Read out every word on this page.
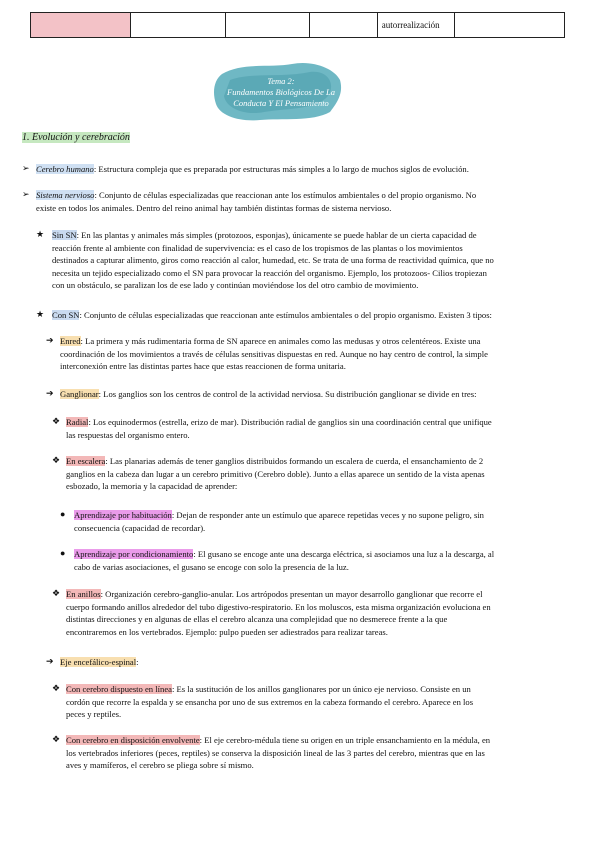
autorrealización
Tema 2:
Fundamentos Biológicos De La
Conducta Y El Pensamiento
1. Evolución y cerebración
➢ Cerebro humano: Estructura compleja que es preparada por estructuras más simples a lo largo de muchos siglos de evolución.
➢ Sistema nervioso: Conjunto de células especializadas que reaccionan ante los estímulos ambientales o del propio organismo. No
existe en todos los animales. Dentro del reino animal hay también distintas formas de sistema nervioso.
★ Sin SN: En las plantas y animales más simples (protozoos, esponjas), únicamente se puede hablar de un cierta capacidad de
reacción frente al ambiente con finalidad de supervivencia: es el caso de los tropismos de las plantas o los movimientos
destinados a capturar alimento, giros como reacción al calor, humedad, etc. Se trata de una forma de reactividad química, que no
necesita un tejido especializado como el SN para provocar la reacción del organismo. Ejemplo, los protozoos- Cilios tropiezan
con un obstáculo, se paralizan los de ese lado y continúan moviéndose los del otro cambio de movimiento.
★ Con SN: Conjunto de células especializadas que reaccionan ante estímulos ambientales o del propio organismo. Existen 3 tipos:
➔ Enred: La primera y más rudimentaria forma de SN aparece en animales como las medusas y otros celentéreos. Existe una
coordinación de los movimientos a través de células sensitivas dispuestas en red. Aunque no hay centro de control, la simple
interconexión entre las distintas partes hace que estas reaccionen de forma unitaria.
➔ Ganglionar: Los ganglios son los centros de control de la actividad nerviosa. Su distribución ganglionar se divide en tres:
❖ Radial: Los equinodermos (estrella, erizo de mar). Distribución radial de ganglios sin una coordinación central que unifique
las respuestas del organismo entero.
❖ En escalera: Las planarias además de tener ganglios distribuidos formando un escalera de cuerda, el ensanchamiento de 2
ganglios en la cabeza dan lugar a un cerebro primitivo (Cerebro doble). Junto a ellas aparece un sentido de la vista apenas
esbozado, la memoria y la capacidad de aprender:
● Aprendizaje por habituación: Dejan de responder ante un estímulo que aparece repetidas veces y no supone peligro, sin
consecuencia (capacidad de recordar).
● Aprendizaje por condicionamiento: El gusano se encoge ante una descarga eléctrica, si asociamos una luz a la descarga, al
cabo de varias asociaciones, el gusano se encoge con solo la presencia de la luz.
❖ En anillos: Organización cerebro-ganglio-anular. Los artrópodos presentan un mayor desarrollo ganglionar que recorre el
cuerpo formando anillos alrededor del tubo digestivo-respiratorio. En los moluscos, esta misma organización evoluciona en
distintas direcciones y en algunas de ellas el cerebro alcanza una complejidad que no desmerece frente a la que
encontraremos en los vertebrados. Ejemplo: pulpo pueden ser adiestrados para realizar tareas.
➔ Eje encefálico-espinal:
❖ Con cerebro dispuesto en línea: Es la sustitución de los anillos ganglionares por un único eje nervioso. Consiste en un
cordón que recorre la espalda y se ensancha por uno de sus extremos en la cabeza formando el cerebro. Aparece en los
peces y reptiles.
❖ Con cerebro en disposición envolvente: El eje cerebro-médula tiene su origen en un triple ensanchamiento en la médula, en
los vertebrados inferiores (peces, reptiles) se conserva la disposición lineal de las 3 partes del cerebro, mientras que en las
aves y mamíferos, el cerebro se pliega sobre sí mismo.
